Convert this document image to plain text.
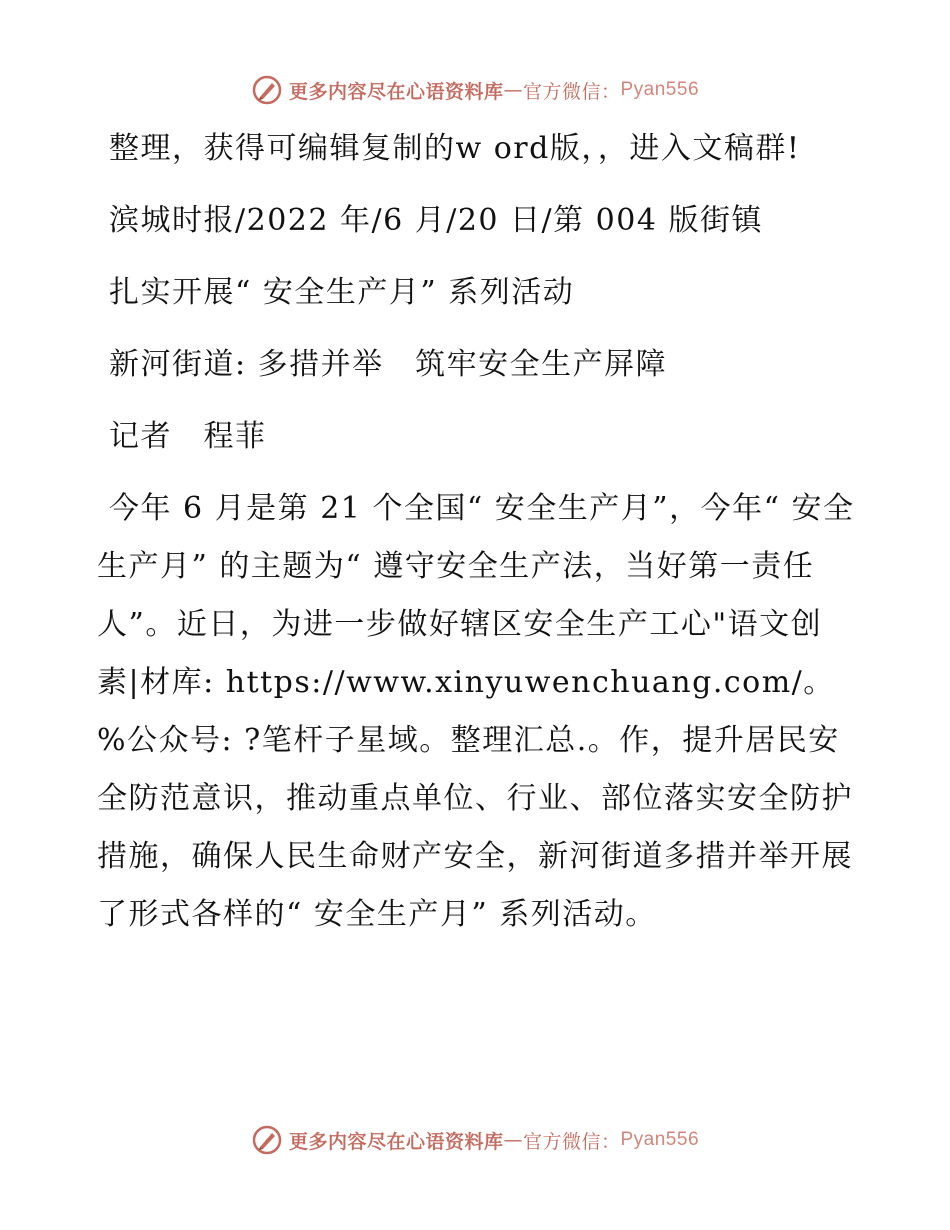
更多内容尽在心语资料库 — 官方微信： Pyan556

整理，获得可编辑复制的w ord版，，进入文稿群!

滨城时报/2022 年/6 月/20 日/第 004 版街镇

扎实开展“ 安全生产月” 系列活动

新河街道: 多措并举　筑牢安全生产屏障

记者　程菲

今年 6 月是第 21 个全国“ 安全生产月”，今年“ 安全生产月” 的主题为“ 遵守安全生产法，当好第一责任人”。近日，为进一步做好辖区安全生产工心"语文创素|材库: https://www.xinyuwenchuang.com/。%公众号: ?笔杆子星域。整理汇总.。作，提升居民安全防范意识，推动重点单位、行业、部位落实安全防护措施，确保人民生命财产安全，新河街道多措并举开展了形式各样的“ 安全生产月” 系列活动。

更多内容尽在心语资料库 — 官方微信： Pyan556
